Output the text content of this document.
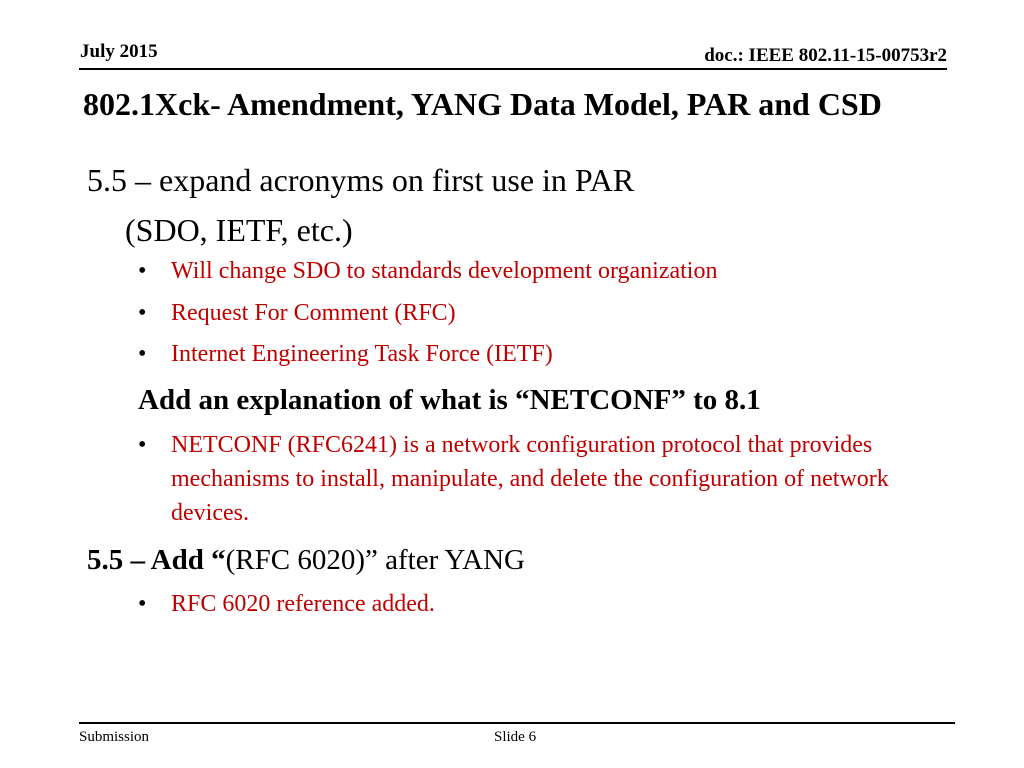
July 2015	doc.: IEEE 802.11-15-00753r2
802.1Xck- Amendment, YANG Data Model, PAR and CSD
5.5 – expand acronyms on first use in PAR
(SDO, IETF, etc.)
• Will change SDO to standards development organization
• Request For Comment (RFC)
• Internet Engineering Task Force (IETF)
Add an explanation of what is “NETCONF” to 8.1
• NETCONF (RFC6241) is a network configuration protocol that provides mechanisms to install, manipulate, and delete the configuration of network devices.
5.5 – Add “(RFC 6020)” after YANG
• RFC 6020 reference added.
Submission	Slide 6
